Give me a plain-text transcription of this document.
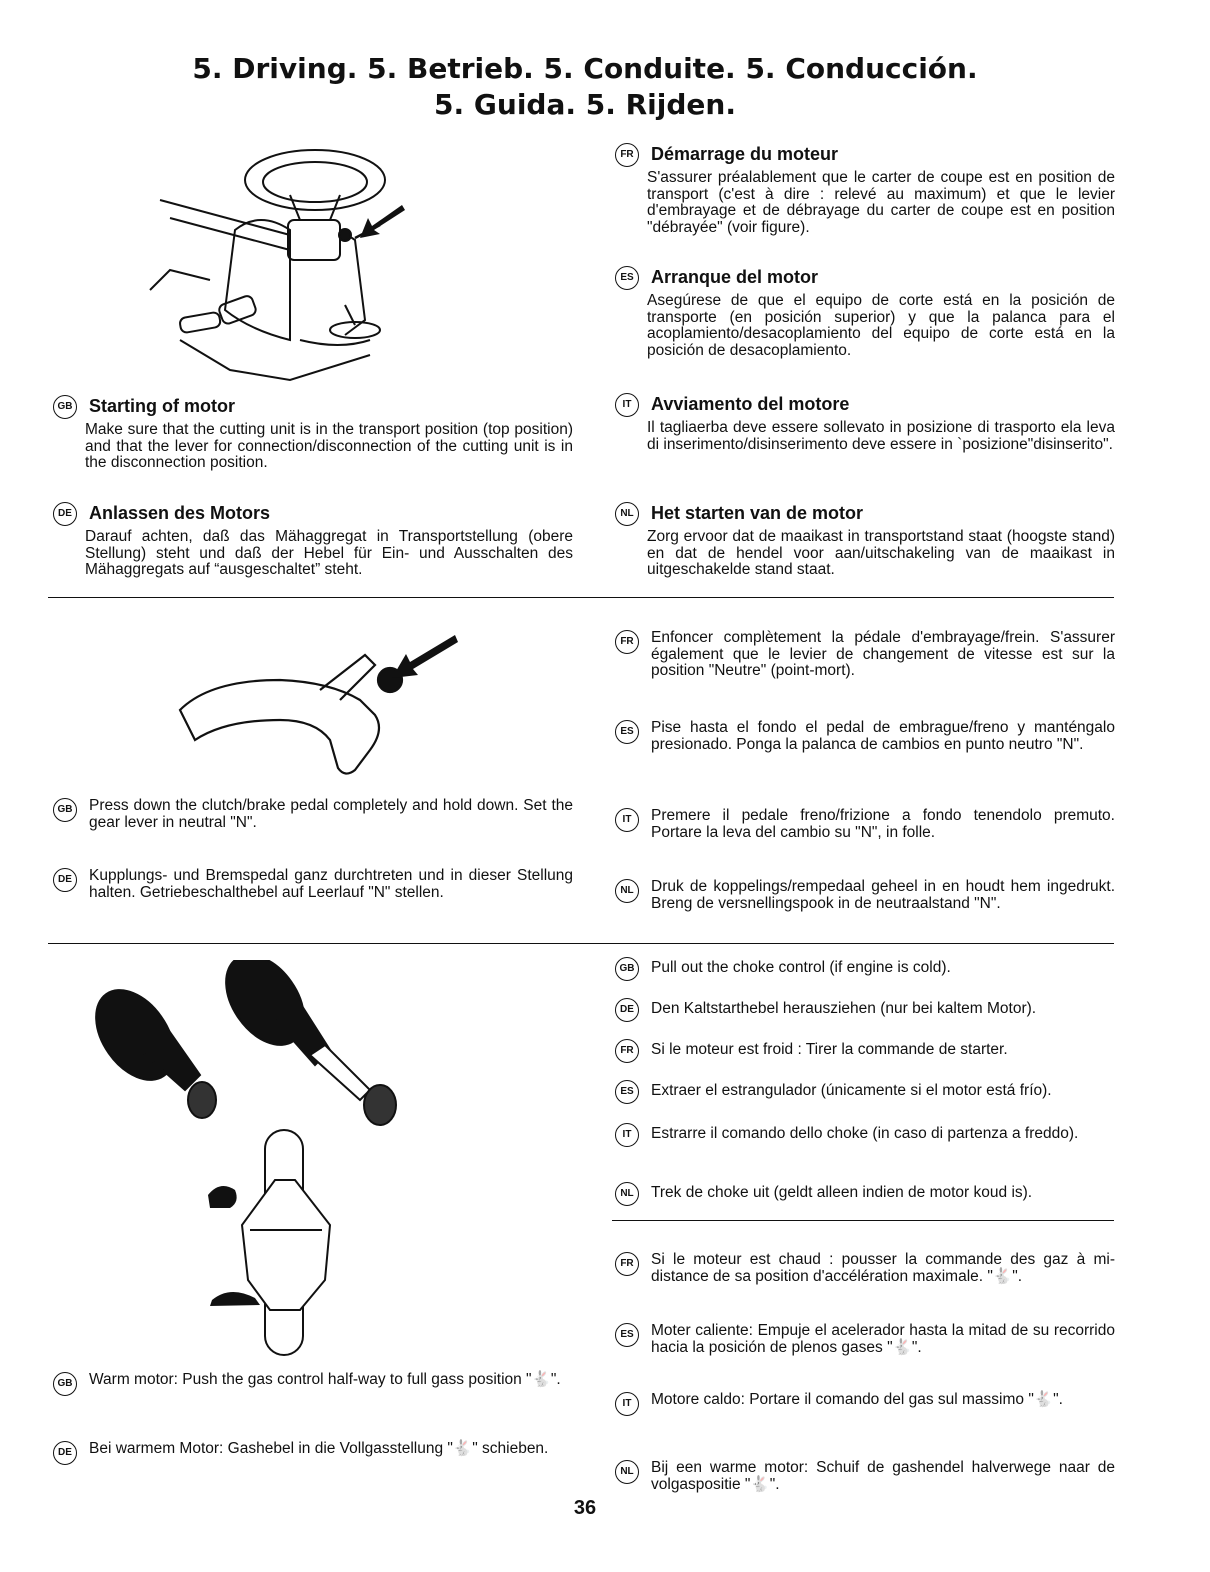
5. Driving. 5. Betrieb. 5. Conduite. 5. Conducción.
5. Guida. 5. Rijden.
GB Starting of motor
Make sure that the cutting unit is in the transport position (top position) and that the lever for connection/disconnection of the cutting unit is in the disconnection position.
DE Anlassen des Motors
Darauf achten, daß das Mähaggregat in Transportstellung (obere Stellung) steht und daß der Hebel für Ein- und Ausschalten des Mähaggregats auf “ausgeschaltet” steht.
FR Démarrage du moteur
S'assurer préalablement que le carter de coupe est en position de transport (c'est à dire : relevé au maximum) et que le levier d'embrayage et de débrayage du carter de coupe est en position "débrayée" (voir figure).
ES Arranque del motor
Asegúrese de que el equipo de corte está en la posición de transporte (en posición superior) y que la palanca para el acoplamiento/desacoplamiento del equipo de corte está en la posición de desacoplamiento.
IT Avviamento del motore
Il tagliaerba deve essere sollevato in posizione di trasporto ela leva di inserimento/disinserimento deve essere in `posizione"disinserito".
NL Het starten van de motor
Zorg ervoor dat de maaikast in transportstand staat (hoogste stand) en dat de hendel voor aan/uitschakeling van de maaikast in uitgeschakelde stand staat.
FR	Enfoncer complètement la pédale d'embrayage/frein. S'assurer également que le levier de changement de vitesse est sur la position "Neutre" (point-mort).
ES	Pise hasta el fondo el pedal de embrague/freno y manténgalo presionado. Ponga la palanca de cambios en punto neutro "N".
GB	Press down the clutch/brake pedal completely and hold down. Set the gear lever in neutral "N".	IT	Premere il pedale freno/frizione a fondo tenendolo premuto. Portare la leva del cambio su "N", in folle.
DE	Kupplungs- und Bremspedal ganz durchtreten und in dieser Stellung halten. Getriebeschalthebel auf Leerlauf "N" stellen.	NL	Druk de koppelings/rempedaal geheel in en houdt hem ingedrukt. Breng de versnellingspook in de neutraalstand "N".
GB	Pull out the choke control (if engine is cold).
DE	Den Kaltstarthebel herausziehen (nur bei kaltem Motor).
FR	Si le moteur est froid : Tirer la commande de starter.
ES	Extraer el estrangulador (únicamente si el motor está frío).
IT	Estrarre il comando dello choke (in caso di partenza a freddo).
NL	Trek de choke uit (geldt alleen indien de motor koud is).
FR	Si le moteur est chaud : pousser la commande des gaz à mi-distance de sa position d'accélération maximale. "🐇".
ES	Moter caliente: Empuje el acelerador hasta la mitad de su recorrido hacia la posición de plenos gases "🐇".
GB	Warm motor: Push the gas control half-way to full gass position "🐇".
IT	Motore caldo: Portare il comando del gas sul massimo "🐇".
DE	Bei warmem Motor: Gashebel in die Vollgasstellung "🐇" schieben.
NL	Bij een warme motor: Schuif de gashendel halverwege naar de volgaspositie "🐇".
36
